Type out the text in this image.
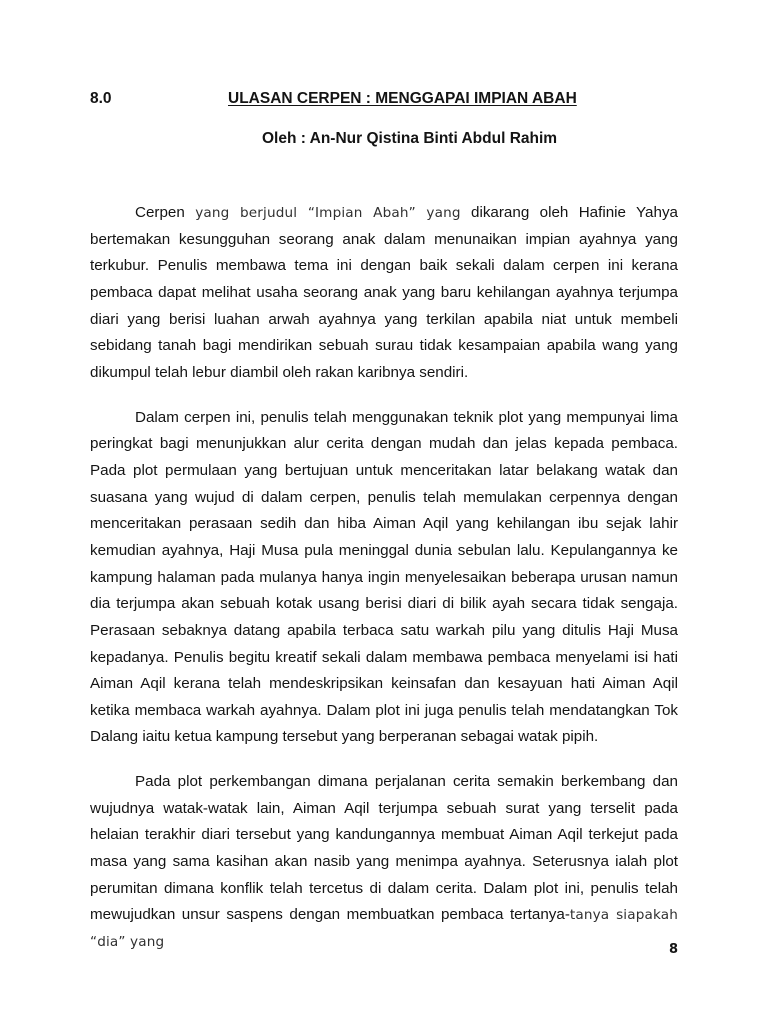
8.0	ULASAN CERPEN : MENGGAPAI IMPIAN ABAH
Oleh : An-Nur Qistina Binti Abdul Rahim

Cerpen yang berjudul “Impian Abah” yang dikarang oleh Hafinie Yahya bertemakan kesungguhan seorang anak dalam menunaikan impian ayahnya yang terkubur. Penulis membawa tema ini dengan baik sekali dalam cerpen ini kerana pembaca dapat melihat usaha seorang anak yang baru kehilangan ayahnya terjumpa diari yang berisi luahan arwah ayahnya yang terkilan apabila niat untuk membeli sebidang tanah bagi mendirikan sebuah surau tidak kesampaian apabila wang yang dikumpul telah lebur diambil oleh rakan karibnya sendiri.

Dalam cerpen ini, penulis telah menggunakan teknik plot yang mempunyai lima peringkat bagi menunjukkan alur cerita dengan mudah dan jelas kepada pembaca. Pada plot permulaan yang bertujuan untuk menceritakan latar belakang watak dan suasana yang wujud di dalam cerpen, penulis telah memulakan cerpennya dengan menceritakan perasaan sedih dan hiba Aiman Aqil yang kehilangan ibu sejak lahir kemudian ayahnya, Haji Musa pula meninggal dunia sebulan lalu. Kepulangannya ke kampung halaman pada mulanya hanya ingin menyelesaikan beberapa urusan namun dia terjumpa akan sebuah kotak usang berisi diari di bilik ayah secara tidak sengaja. Perasaan sebaknya datang apabila terbaca satu warkah pilu yang ditulis Haji Musa kepadanya. Penulis begitu kreatif sekali dalam membawa pembaca menyelami isi hati Aiman Aqil kerana telah mendeskripsikan keinsafan dan kesayuan hati Aiman Aqil ketika membaca warkah ayahnya. Dalam plot ini juga penulis telah mendatangkan Tok Dalang iaitu ketua kampung tersebut yang berperanan sebagai watak pipih.

Pada plot perkembangan dimana perjalanan cerita semakin berkembang dan wujudnya watak-watak lain, Aiman Aqil terjumpa sebuah surat yang terselit pada helaian terakhir diari tersebut yang kandungannya membuat Aiman Aqil terkejut pada masa yang sama kasihan akan nasib yang menimpa ayahnya. Seterusnya ialah plot perumitan dimana konflik telah tercetus di dalam cerita. Dalam plot ini, penulis telah mewujudkan unsur saspens dengan membuatkan pembaca tertanya-tanya siapakah “dia” yang	8
